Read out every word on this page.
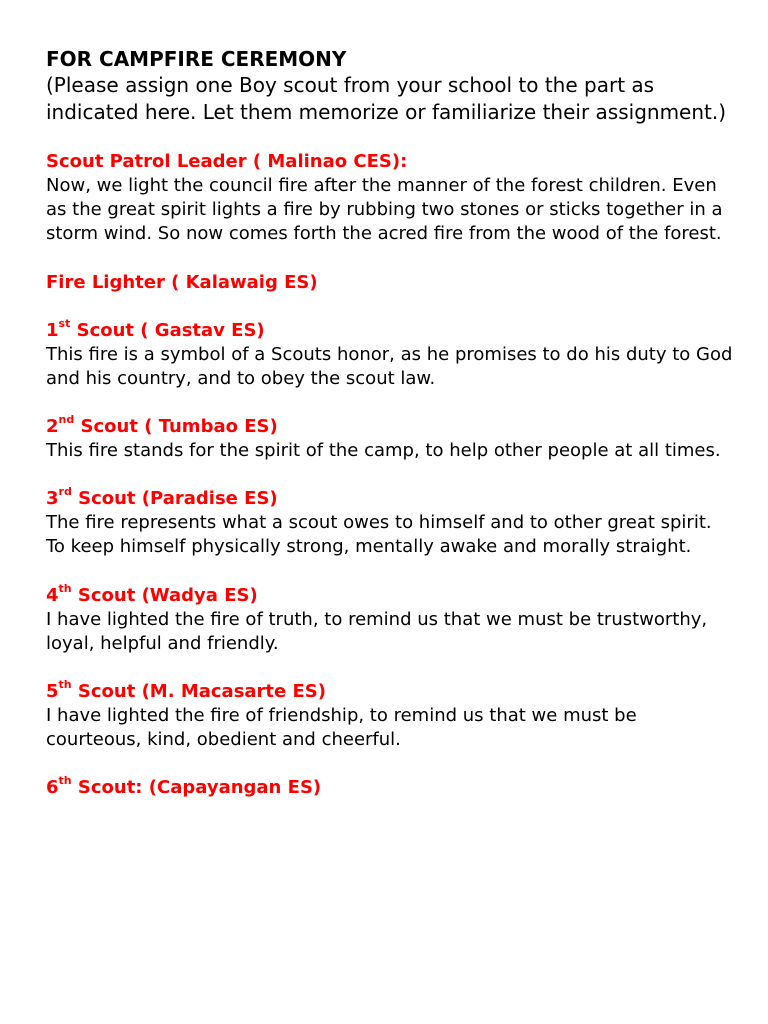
FOR CAMPFIRE CEREMONY

(Please assign one Boy scout from your school to the part as indicated here. Let them memorize or familiarize their assignment.)

Scout Patrol Leader ( Malinao CES):

Now, we light the council fire after the manner of the forest children. Even as the great spirit lights a fire by rubbing two stones or sticks together in a storm wind. So now comes forth the acred fire from the wood of the forest.

Fire Lighter ( Kalawaig ES)

1st Scout ( Gastav ES)

This fire is a symbol of a Scouts honor, as he promises to do his duty to God and his country, and to obey the scout law.

2nd Scout ( Tumbao ES)

This fire stands for the spirit of the camp, to help other people at all times.

3rd Scout (Paradise ES)

The fire represents what a scout owes to himself and to other great spirit. To keep himself physically strong, mentally awake and morally straight.

4th Scout (Wadya ES)

I have lighted the fire of truth, to remind us that we must be trustworthy, loyal, helpful and friendly.

5th Scout (M. Macasarte ES)

I have lighted the fire of friendship, to remind us that we must be courteous, kind, obedient and cheerful.

6th Scout: (Capayangan ES)
